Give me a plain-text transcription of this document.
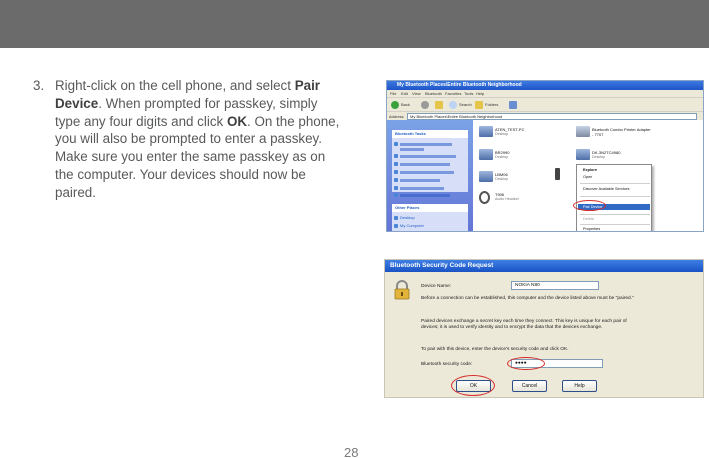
3. Right-click on the cell phone, and select Pair Device. When prompted for passkey, simply type any four digits and click OK. On the phone, you will also be prompted to enter a passkey. Make sure you enter the same passkey as on the computer. Your devices should now be paired.

My Bluetooth Places\Entire Bluetooth Neighborhood
File Edit View Bluetooth Favorites Tools Help
Back	Search	Folders
Address	My Bluetooth Places\Entire Bluetooth Neighborhood
Bluetooth Tasks
Other Places
Desktop
My Computer
ATEN_TEST-PC
Desktop
Bluetooth Combo Printer Adapter - 7707
BR2990
Desktop
DK-3N2TC4980
Desktop
LBM06
Desktop
T906
Audio Headset
Explore
Open
Discover Available Services
Pair Device
Delete
Properties
Bluetooth Security Code Request
Device Name:	NOKIA N80

Before a connection can be established, this computer and the device listed above must be "paired."

Paired devices exchange a secret key each time they connect. This key is unique for each pair of devices; it is used to verify identity and to encrypt the data that the devices exchange.

To pair with this device, enter the device's security code and click OK.

Bluetooth security code:	●●●●
OK	Cancel	Help
28
